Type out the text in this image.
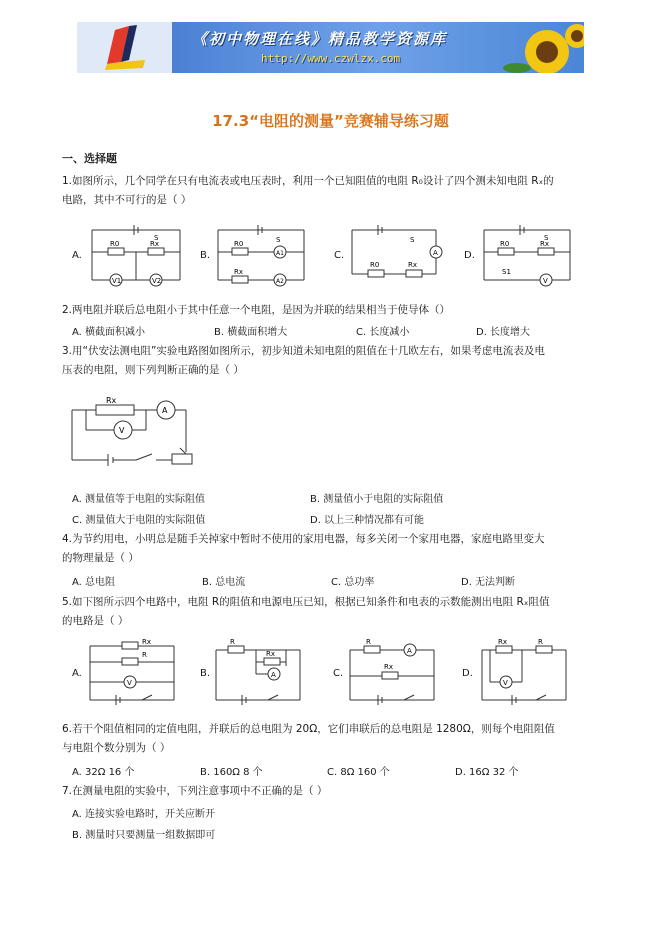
《初中物理在线》精品教学资源库
http://www.czwlzx.com
17.3“电阻的测量”竞赛辅导练习题
一、选择题
1.如图所示，几个同学在只有电流表或电压表时，利用一个已知阻值的电阻 R₀设计了四个测未知电阻 Rₓ的
电路，其中不可行的是（ ）
A.	B.	C.	D.
R0	Rx
S
V1	V2
R0
Rx
S
A1
A2
R0	Rx
S
A
R0	Rx
S
S1
V
2.两电阻并联后总电阻小于其中任意一个电阻，是因为并联的结果相当于使导体（）
A. 横截面积减小	B. 横截面积增大	C. 长度减小	D. 长度增大
3.用“伏安法测电阻”实验电路图如图所示，初步知道未知电阻的阻值在十几欧左右，如果考虑电流表及电
压表的电阻，则下列判断正确的是（ ）
Rx
A
V
A. 测量值等于电阻的实际阻值	B. 测量值小于电阻的实际阻值
C. 测量值大于电阻的实际阻值	D. 以上三种情况都有可能
4.为节约用电，小明总是随手关掉家中暂时不使用的家用电器，每多关闭一个家用电器，家庭电路里变大
的物理量是（ ）
A. 总电阻	B. 总电流	C. 总功率	D. 无法判断
5.如下图所示四个电路中，电阻 R的阻值和电源电压已知，根据已知条件和电表的示数能测出电阻 Rₓ阻值
的电路是（ ）
A.	B.	C.	D.
Rx
R
V
R
Rx
A
R
A
Rx
Rx	R
V
6.若干个阻值相同的定值电阻，并联后的总电阻为 20Ω，它们串联后的总电阻是 1280Ω，则每个电阻阻值
与电阻个数分别为（ ）
A. 32Ω 16 个	B. 160Ω 8 个	C. 8Ω 160 个	D. 16Ω 32 个
7.在测量电阻的实验中，下列注意事项中不正确的是（ ）
A. 连接实验电路时，开关应断开
B. 测量时只要测量一组数据即可
